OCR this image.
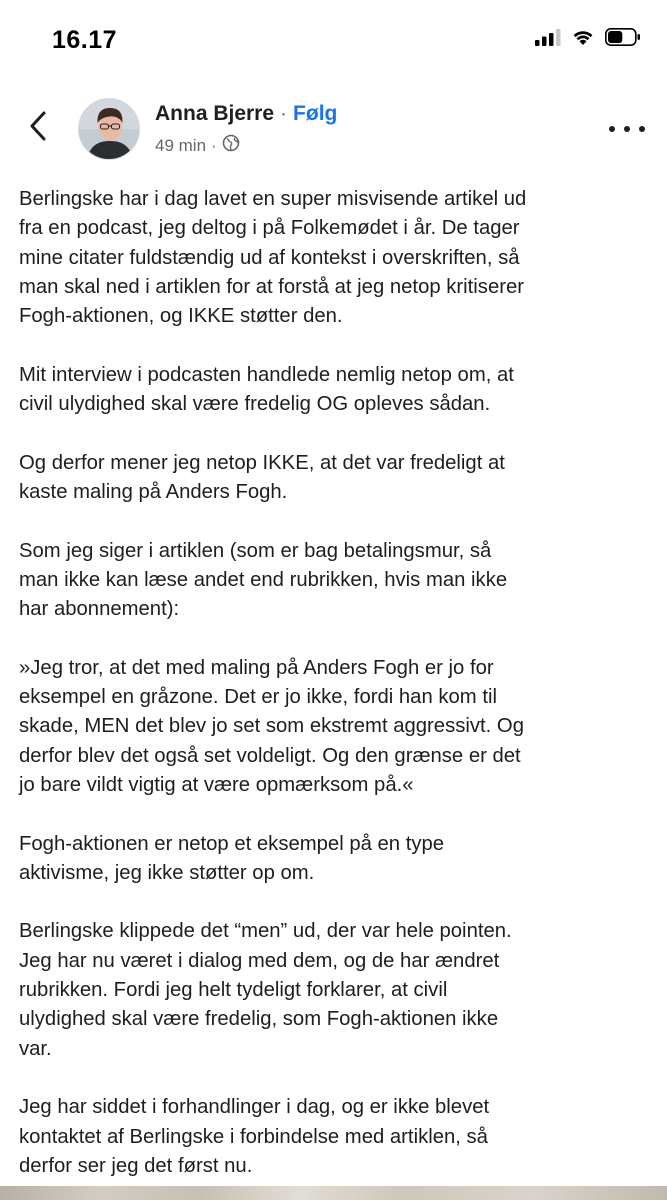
16.17
Anna Bjerre · Følg
49 min ·

Berlingske har i dag lavet en super misvisende artikel ud
fra en podcast, jeg deltog i på Folkemødet i år. De tager
mine citater fuldstændig ud af kontekst i overskriften, så
man skal ned i artiklen for at forstå at jeg netop kritiserer
Fogh-aktionen, og IKKE støtter den.

Mit interview i podcasten handlede nemlig netop om, at
civil ulydighed skal være fredelig OG opleves sådan.

Og derfor mener jeg netop IKKE, at det var fredeligt at
kaste maling på Anders Fogh.

Som jeg siger i artiklen (som er bag betalingsmur, så
man ikke kan læse andet end rubrikken, hvis man ikke
har abonnement):

»Jeg tror, at det med maling på Anders Fogh er jo for
eksempel en gråzone. Det er jo ikke, fordi han kom til
skade, MEN det blev jo set som ekstremt aggressivt. Og
derfor blev det også set voldeligt. Og den grænse er det
jo bare vildt vigtig at være opmærksom på.«

Fogh-aktionen er netop et eksempel på en type
aktivisme, jeg ikke støtter op om.

Berlingske klippede det “men” ud, der var hele pointen.
Jeg har nu været i dialog med dem, og de har ændret
rubrikken. Fordi jeg helt tydeligt forklarer, at civil
ulydighed skal være fredelig, som Fogh-aktionen ikke
var.

Jeg har siddet i forhandlinger i dag, og er ikke blevet
kontaktet af Berlingske i forbindelse med artiklen, så
derfor ser jeg det først nu.
